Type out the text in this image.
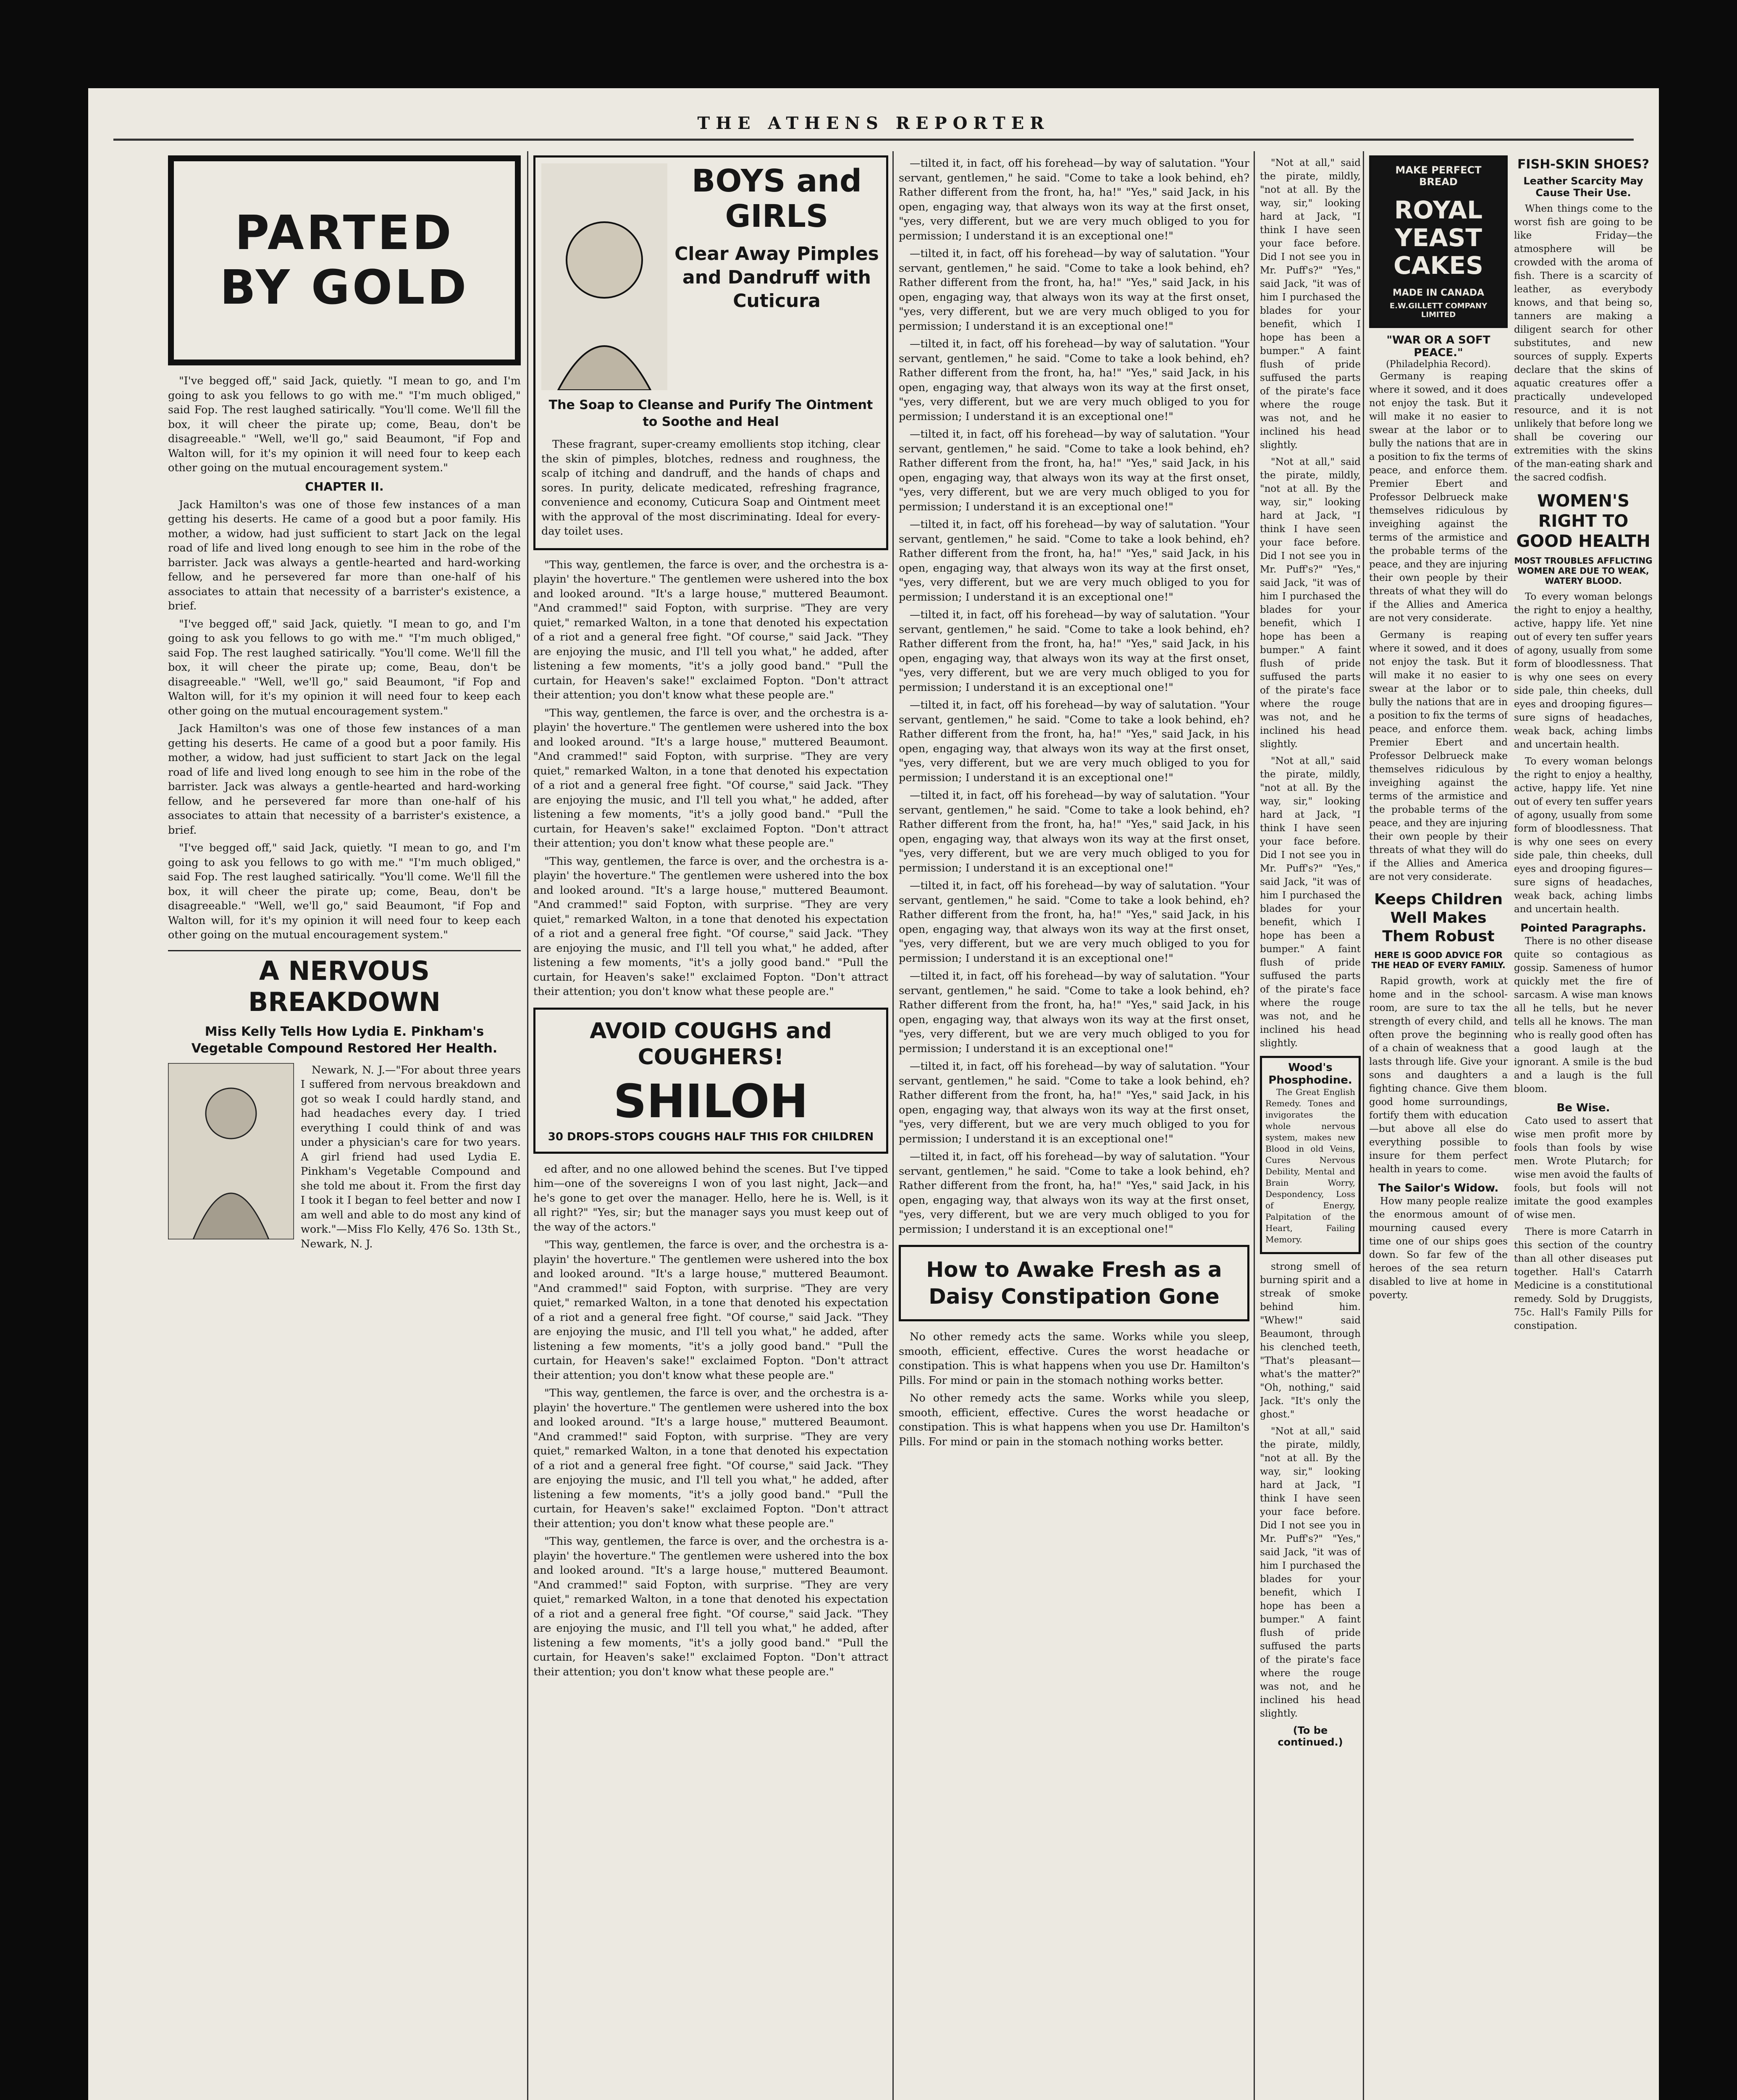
THE ATHENS REPORTER
PARTED BY GOLD

"I've begged off," said Jack, quietly. "I mean to go, and I'm going to ask you fellows to go with me." "I'm much obliged," said Fop. The rest laughed satirically. "You'll come. We'll fill the box, it will cheer the pirate up; come, Beau, don't be disagreeable." "Well, we'll go," said Beaumont, "if Fop and Walton will, for it's my opinion it will need four to keep each other going on the mutual encouragement system."

CHAPTER II.

Jack Hamilton's was one of those few instances of a man getting his deserts. He came of a good but a poor family. His mother, a widow, had just sufficient to start Jack on the legal road of life and lived long enough to see him in the robe of the barrister. Jack was always a gentle-hearted and hard-working fellow, and he persevered far more than one-half of his associates to attain that necessity of a barrister's existence, a brief.

"I've begged off," said Jack, quietly. "I mean to go, and I'm going to ask you fellows to go with me." "I'm much obliged," said Fop. The rest laughed satirically. "You'll come. We'll fill the box, it will cheer the pirate up; come, Beau, don't be disagreeable." "Well, we'll go," said Beaumont, "if Fop and Walton will, for it's my opinion it will need four to keep each other going on the mutual encouragement system."

Jack Hamilton's was one of those few instances of a man getting his deserts. He came of a good but a poor family. His mother, a widow, had just sufficient to start Jack on the legal road of life and lived long enough to see him in the robe of the barrister. Jack was always a gentle-hearted and hard-working fellow, and he persevered far more than one-half of his associates to attain that necessity of a barrister's existence, a brief.

"I've begged off," said Jack, quietly. "I mean to go, and I'm going to ask you fellows to go with me." "I'm much obliged," said Fop. The rest laughed satirically. "You'll come. We'll fill the box, it will cheer the pirate up; come, Beau, don't be disagreeable." "Well, we'll go," said Beaumont, "if Fop and Walton will, for it's my opinion it will need four to keep each other going on the mutual encouragement system."

A NERVOUS BREAKDOWN
Miss Kelly Tells How Lydia E. Pinkham's Vegetable Compound Restored Her Health.

Newark, N. J.—"For about three years I suffered from nervous breakdown and got so weak I could hardly stand, and had headaches every day. I tried everything I could think of and was under a physician's care for two years. A girl friend had used Lydia E. Pinkham's Vegetable Compound and she told me about it. From the first day I took it I began to feel better and now I am well and able to do most any kind of work."—Miss Flo Kelly, 476 So. 13th St., Newark, N. J.

BOYS and GIRLS
Clear Away Pimples and Dandruff with Cuticura
The Soap to Cleanse and Purify The Ointment to Soothe and Heal

These fragrant, super-creamy emollients stop itching, clear the skin of pimples, blotches, redness and roughness, the scalp of itching and dandruff, and the hands of chaps and sores. In purity, delicate medicated, refreshing fragrance, convenience and economy, Cuticura Soap and Ointment meet with the approval of the most discriminating. Ideal for every-day toilet uses.

"This way, gentlemen, the farce is over, and the orchestra is a-playin' the hoverture." The gentlemen were ushered into the box and looked around. "It's a large house," muttered Beaumont. "And crammed!" said Fopton, with surprise. "They are very quiet," remarked Walton, in a tone that denoted his expectation of a riot and a general free fight. "Of course," said Jack. "They are enjoying the music, and I'll tell you what," he added, after listening a few moments, "it's a jolly good band." "Pull the curtain, for Heaven's sake!" exclaimed Fopton. "Don't attract their attention; you don't know what these people are."

"This way, gentlemen, the farce is over, and the orchestra is a-playin' the hoverture." The gentlemen were ushered into the box and looked around. "It's a large house," muttered Beaumont. "And crammed!" said Fopton, with surprise. "They are very quiet," remarked Walton, in a tone that denoted his expectation of a riot and a general free fight. "Of course," said Jack. "They are enjoying the music, and I'll tell you what," he added, after listening a few moments, "it's a jolly good band." "Pull the curtain, for Heaven's sake!" exclaimed Fopton. "Don't attract their attention; you don't know what these people are."

"This way, gentlemen, the farce is over, and the orchestra is a-playin' the hoverture." The gentlemen were ushered into the box and looked around. "It's a large house," muttered Beaumont. "And crammed!" said Fopton, with surprise. "They are very quiet," remarked Walton, in a tone that denoted his expectation of a riot and a general free fight. "Of course," said Jack. "They are enjoying the music, and I'll tell you what," he added, after listening a few moments, "it's a jolly good band." "Pull the curtain, for Heaven's sake!" exclaimed Fopton. "Don't attract their attention; you don't know what these people are."

AVOID COUGHS and COUGHERS!
SHILOH
30 DROPS-STOPS COUGHS HALF THIS FOR CHILDREN

ed after, and no one allowed behind the scenes. But I've tipped him—one of the sovereigns I won of you last night, Jack—and he's gone to get over the manager. Hello, here he is. Well, is it all right?" "Yes, sir; but the manager says you must keep out of the way of the actors."

"This way, gentlemen, the farce is over, and the orchestra is a-playin' the hoverture." The gentlemen were ushered into the box and looked around. "It's a large house," muttered Beaumont. "And crammed!" said Fopton, with surprise. "They are very quiet," remarked Walton, in a tone that denoted his expectation of a riot and a general free fight. "Of course," said Jack. "They are enjoying the music, and I'll tell you what," he added, after listening a few moments, "it's a jolly good band." "Pull the curtain, for Heaven's sake!" exclaimed Fopton. "Don't attract their attention; you don't know what these people are."

"This way, gentlemen, the farce is over, and the orchestra is a-playin' the hoverture." The gentlemen were ushered into the box and looked around. "It's a large house," muttered Beaumont. "And crammed!" said Fopton, with surprise. "They are very quiet," remarked Walton, in a tone that denoted his expectation of a riot and a general free fight. "Of course," said Jack. "They are enjoying the music, and I'll tell you what," he added, after listening a few moments, "it's a jolly good band." "Pull the curtain, for Heaven's sake!" exclaimed Fopton. "Don't attract their attention; you don't know what these people are."

"This way, gentlemen, the farce is over, and the orchestra is a-playin' the hoverture." The gentlemen were ushered into the box and looked around. "It's a large house," muttered Beaumont. "And crammed!" said Fopton, with surprise. "They are very quiet," remarked Walton, in a tone that denoted his expectation of a riot and a general free fight. "Of course," said Jack. "They are enjoying the music, and I'll tell you what," he added, after listening a few moments, "it's a jolly good band." "Pull the curtain, for Heaven's sake!" exclaimed Fopton. "Don't attract their attention; you don't know what these people are."

—tilted it, in fact, off his forehead—by way of salutation. "Your servant, gentlemen," he said. "Come to take a look behind, eh? Rather different from the front, ha, ha!" "Yes," said Jack, in his open, engaging way, that always won its way at the first onset, "yes, very different, but we are very much obliged to you for permission; I understand it is an exceptional one!"

—tilted it, in fact, off his forehead—by way of salutation. "Your servant, gentlemen," he said. "Come to take a look behind, eh? Rather different from the front, ha, ha!" "Yes," said Jack, in his open, engaging way, that always won its way at the first onset, "yes, very different, but we are very much obliged to you for permission; I understand it is an exceptional one!"

—tilted it, in fact, off his forehead—by way of salutation. "Your servant, gentlemen," he said. "Come to take a look behind, eh? Rather different from the front, ha, ha!" "Yes," said Jack, in his open, engaging way, that always won its way at the first onset, "yes, very different, but we are very much obliged to you for permission; I understand it is an exceptional one!"

—tilted it, in fact, off his forehead—by way of salutation. "Your servant, gentlemen," he said. "Come to take a look behind, eh? Rather different from the front, ha, ha!" "Yes," said Jack, in his open, engaging way, that always won its way at the first onset, "yes, very different, but we are very much obliged to you for permission; I understand it is an exceptional one!"

—tilted it, in fact, off his forehead—by way of salutation. "Your servant, gentlemen," he said. "Come to take a look behind, eh? Rather different from the front, ha, ha!" "Yes," said Jack, in his open, engaging way, that always won its way at the first onset, "yes, very different, but we are very much obliged to you for permission; I understand it is an exceptional one!"

—tilted it, in fact, off his forehead—by way of salutation. "Your servant, gentlemen," he said. "Come to take a look behind, eh? Rather different from the front, ha, ha!" "Yes," said Jack, in his open, engaging way, that always won its way at the first onset, "yes, very different, but we are very much obliged to you for permission; I understand it is an exceptional one!"

—tilted it, in fact, off his forehead—by way of salutation. "Your servant, gentlemen," he said. "Come to take a look behind, eh? Rather different from the front, ha, ha!" "Yes," said Jack, in his open, engaging way, that always won its way at the first onset, "yes, very different, but we are very much obliged to you for permission; I understand it is an exceptional one!"

—tilted it, in fact, off his forehead—by way of salutation. "Your servant, gentlemen," he said. "Come to take a look behind, eh? Rather different from the front, ha, ha!" "Yes," said Jack, in his open, engaging way, that always won its way at the first onset, "yes, very different, but we are very much obliged to you for permission; I understand it is an exceptional one!"

—tilted it, in fact, off his forehead—by way of salutation. "Your servant, gentlemen," he said. "Come to take a look behind, eh? Rather different from the front, ha, ha!" "Yes," said Jack, in his open, engaging way, that always won its way at the first onset, "yes, very different, but we are very much obliged to you for permission; I understand it is an exceptional one!"

—tilted it, in fact, off his forehead—by way of salutation. "Your servant, gentlemen," he said. "Come to take a look behind, eh? Rather different from the front, ha, ha!" "Yes," said Jack, in his open, engaging way, that always won its way at the first onset, "yes, very different, but we are very much obliged to you for permission; I understand it is an exceptional one!"

—tilted it, in fact, off his forehead—by way of salutation. "Your servant, gentlemen," he said. "Come to take a look behind, eh? Rather different from the front, ha, ha!" "Yes," said Jack, in his open, engaging way, that always won its way at the first onset, "yes, very different, but we are very much obliged to you for permission; I understand it is an exceptional one!"

—tilted it, in fact, off his forehead—by way of salutation. "Your servant, gentlemen," he said. "Come to take a look behind, eh? Rather different from the front, ha, ha!" "Yes," said Jack, in his open, engaging way, that always won its way at the first onset, "yes, very different, but we are very much obliged to you for permission; I understand it is an exceptional one!"

How to Awake Fresh as a Daisy Constipation Gone

No other remedy acts the same. Works while you sleep, smooth, efficient, effective. Cures the worst headache or constipation. This is what happens when you use Dr. Hamilton's Pills. For mind or pain in the stomach nothing works better.

No other remedy acts the same. Works while you sleep, smooth, efficient, effective. Cures the worst headache or constipation. This is what happens when you use Dr. Hamilton's Pills. For mind or pain in the stomach nothing works better.

"Not at all," said the pirate, mildly, "not at all. By the way, sir," looking hard at Jack, "I think I have seen your face before. Did I not see you in Mr. Puff's?" "Yes," said Jack, "it was of him I purchased the blades for your benefit, which I hope has been a bumper." A faint flush of pride suffused the parts of the pirate's face where the rouge was not, and he inclined his head slightly.

"Not at all," said the pirate, mildly, "not at all. By the way, sir," looking hard at Jack, "I think I have seen your face before. Did I not see you in Mr. Puff's?" "Yes," said Jack, "it was of him I purchased the blades for your benefit, which I hope has been a bumper." A faint flush of pride suffused the parts of the pirate's face where the rouge was not, and he inclined his head slightly.

"Not at all," said the pirate, mildly, "not at all. By the way, sir," looking hard at Jack, "I think I have seen your face before. Did I not see you in Mr. Puff's?" "Yes," said Jack, "it was of him I purchased the blades for your benefit, which I hope has been a bumper." A faint flush of pride suffused the parts of the pirate's face where the rouge was not, and he inclined his head slightly.

Wood's Phosphodine.

The Great English Remedy. Tones and invigorates the whole nervous system, makes new Blood in old Veins, Cures Nervous Debility, Mental and Brain Worry, Despondency, Loss of Energy, Palpitation of the Heart, Failing Memory.

strong smell of burning spirit and a streak of smoke behind him. "Whew!" said Beaumont, through his clenched teeth, "That's pleasant—what's the matter?" "Oh, nothing," said Jack. "It's only the ghost."

"Not at all," said the pirate, mildly, "not at all. By the way, sir," looking hard at Jack, "I think I have seen your face before. Did I not see you in Mr. Puff's?" "Yes," said Jack, "it was of him I purchased the blades for your benefit, which I hope has been a bumper." A faint flush of pride suffused the parts of the pirate's face where the rouge was not, and he inclined his head slightly.

(To be continued.)
MAKE PERFECT BREAD
ROYAL YEAST CAKES
MADE IN CANADA
E.W.GILLETT COMPANY LIMITED
"WAR OR A SOFT PEACE."
(Philadelphia Record).

Germany is reaping where it sowed, and it does not enjoy the task. But it will make it no easier to swear at the labor or to bully the nations that are in a position to fix the terms of peace, and enforce them. Premier Ebert and Professor Delbrueck make themselves ridiculous by inveighing against the terms of the armistice and the probable terms of the peace, and they are injuring their own people by their threats of what they will do if the Allies and America are not very considerate.

Germany is reaping where it sowed, and it does not enjoy the task. But it will make it no easier to swear at the labor or to bully the nations that are in a position to fix the terms of peace, and enforce them. Premier Ebert and Professor Delbrueck make themselves ridiculous by inveighing against the terms of the armistice and the probable terms of the peace, and they are injuring their own people by their threats of what they will do if the Allies and America are not very considerate.

Keeps Children Well Makes Them Robust
HERE IS GOOD ADVICE FOR THE HEAD OF EVERY FAMILY.

Rapid growth, work at home and in the school-room, are sure to tax the strength of every child, and often prove the beginning of a chain of weakness that lasts through life. Give your sons and daughters a fighting chance. Give them good home surroundings, fortify them with education—but above all else do everything possible to insure for them perfect health in years to come.

The Sailor's Widow.

How many people realize the enormous amount of mourning caused every time one of our ships goes down. So far few of the heroes of the sea return disabled to live at home in poverty.

FISH-SKIN SHOES?
Leather Scarcity May Cause Their Use.

When things come to the worst fish are going to be like Friday—the atmosphere will be crowded with the aroma of fish. There is a scarcity of leather, as everybody knows, and that being so, tanners are making a diligent search for other substitutes, and new sources of supply. Experts declare that the skins of aquatic creatures offer a practically undeveloped resource, and it is not unlikely that before long we shall be covering our extremities with the skins of the man-eating shark and the sacred codfish.

WOMEN'S RIGHT TO GOOD HEALTH
MOST TROUBLES AFFLICTING WOMEN ARE DUE TO WEAK, WATERY BLOOD.

To every woman belongs the right to enjoy a healthy, active, happy life. Yet nine out of every ten suffer years of agony, usually from some form of bloodlessness. That is why one sees on every side pale, thin cheeks, dull eyes and drooping figures—sure signs of headaches, weak back, aching limbs and uncertain health.

To every woman belongs the right to enjoy a healthy, active, happy life. Yet nine out of every ten suffer years of agony, usually from some form of bloodlessness. That is why one sees on every side pale, thin cheeks, dull eyes and drooping figures—sure signs of headaches, weak back, aching limbs and uncertain health.

Pointed Paragraphs.

There is no other disease quite so contagious as gossip. Sameness of humor quickly met the fire of sarcasm. A wise man knows all he tells, but he never tells all he knows. The man who is really good often has a good laugh at the ignorant. A smile is the bud and a laugh is the full bloom.

Be Wise.

Cato used to assert that wise men profit more by fools than fools by wise men. Wrote Plutarch; for wise men avoid the faults of fools, but fools will not imitate the good examples of wise men.

There is more Catarrh in this section of the country than all other diseases put together. Hall's Catarrh Medicine is a constitutional remedy. Sold by Druggists, 75c. Hall's Family Pills for constipation.
